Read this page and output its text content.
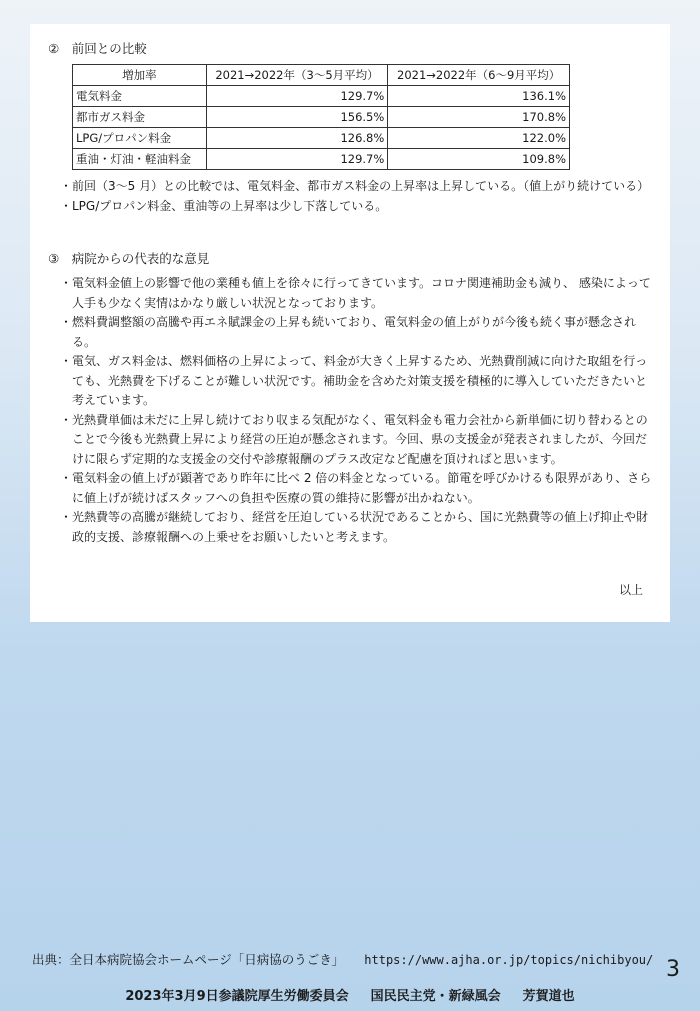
②　前回との比較
増加率	2021→2022年（3～5月平均）	2021→2022年（6～9月平均）
電気料金	129.7%	136.1%
都市ガス料金	156.5%	170.8%
LPG/プロパン料金	126.8%	122.0%
重油・灯油・軽油料金	129.7%	109.8%

・前回（3～5 月）との比較では、電気料金、都市ガス料金の上昇率は上昇している。（値上がり続けている）

・LPG/プロパン料金、重油等の上昇率は少し下落している。

③　病院からの代表的な意見

・電気料金値上の影響で他の業種も値上を徐々に行ってきています。コロナ関連補助金も減り、 感染によって人手も少なく実情はかなり厳しい状況となっております。

・燃料費調整額の高騰や再エネ賦課金の上昇も続いており、電気料金の値上がりが今後も続く事が懸念される。

・電気、ガス料金は、燃料価格の上昇によって、料金が大きく上昇するため、光熱費削減に向けた取組を行っても、光熱費を下げることが難しい状況です。補助金を含めた対策支援を積極的に導入していただきたいと考えています。

・光熱費単価は未だに上昇し続けており収まる気配がなく、電気料金も電力会社から新単価に切り替わるとのことで今後も光熱費上昇により経営の圧迫が懸念されます。今回、県の支援金が発表されましたが、今回だけに限らず定期的な支援金の交付や診療報酬のプラス改定など配慮を頂ければと思います。

・電気料金の値上げが顕著であり昨年に比べ 2 倍の料金となっている。節電を呼びかけるも限界があり、さらに値上げが続けばスタッフへの負担や医療の質の維持に影響が出かねない。

・光熱費等の高騰が継続しており、経営を圧迫している状況であることから、国に光熱費等の値上げ抑止や財政的支援、診療報酬への上乗せをお願いしたいと考えます。

以上
出典：全日本病院協会ホームページ「日病協のうごき」 https://www.ajha.or.jp/topics/nichibyou/ 3
2023年3月9日参議院厚生労働委員会 国民民主党・新緑風会 芳賀道也
